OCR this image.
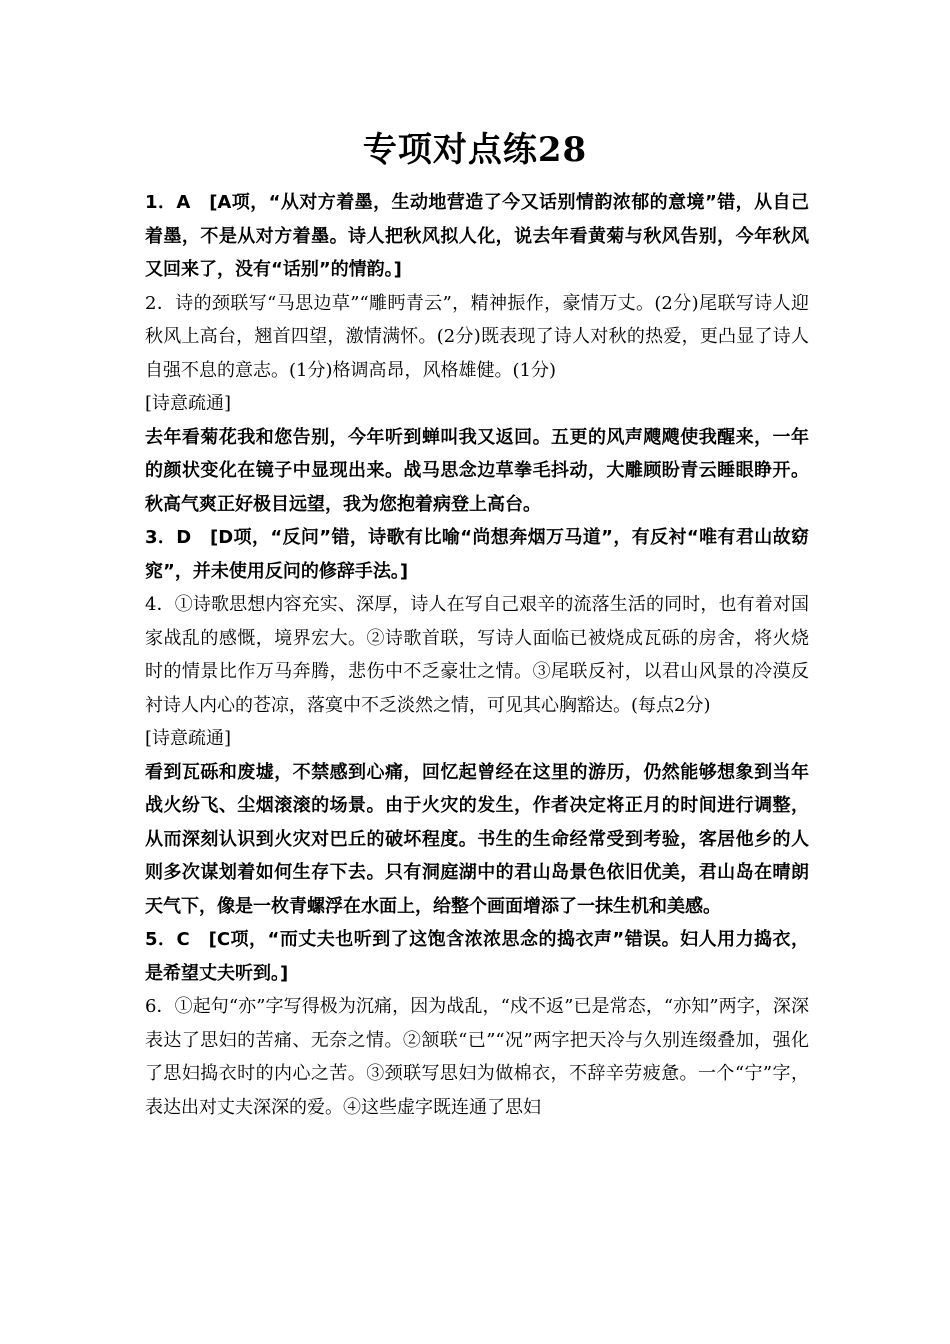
专项对点练28

1．A　[A项，“从对方着墨，生动地营造了今又话别情韵浓郁的意境”错，从自己着墨，不是从对方着墨。诗人把秋风拟人化，说去年看黄菊与秋风告别，今年秋风又回来了，没有“话别”的情韵。]

2．诗的颈联写“马思边草”“雕眄青云”，精神振作，豪情万丈。(2分)尾联写诗人迎秋风上高台，翘首四望，激情满怀。(2分)既表现了诗人对秋的热爱，更凸显了诗人自强不息的意志。(1分)格调高昂，风格雄健。(1分)

[诗意疏通]

去年看菊花我和您告别，今年听到蝉叫我又返回。五更的风声飕飕使我醒来，一年的颜状变化在镜子中显现出来。战马思念边草拳毛抖动，大雕顾盼青云睡眼睁开。秋高气爽正好极目远望，我为您抱着病登上高台。

3．D　[D项，“反问”错，诗歌有比喻“尚想奔烟万马道”，有反衬“唯有君山故窈窕”，并未使用反问的修辞手法。]

4．①诗歌思想内容充实、深厚，诗人在写自己艰辛的流落生活的同时，也有着对国家战乱的感慨，境界宏大。②诗歌首联，写诗人面临已被烧成瓦砾的房舍，将火烧时的情景比作万马奔腾，悲伤中不乏豪壮之情。③尾联反衬，以君山风景的冷漠反衬诗人内心的苍凉，落寞中不乏淡然之情，可见其心胸豁达。(每点2分)

[诗意疏通]

看到瓦砾和废墟，不禁感到心痛，回忆起曾经在这里的游历，仍然能够想象到当年战火纷飞、尘烟滚滚的场景。由于火灾的发生，作者决定将正月的时间进行调整，从而深刻认识到火灾对巴丘的破坏程度。书生的生命经常受到考验，客居他乡的人则多次谋划着如何生存下去。只有洞庭湖中的君山岛景色依旧优美，君山岛在晴朗天气下，像是一枚青螺浮在水面上，给整个画面增添了一抹生机和美感。

5．C　[C项，“而丈夫也听到了这饱含浓浓思念的捣衣声”错误。妇人用力捣衣，是希望丈夫听到。]

6．①起句“亦”字写得极为沉痛，因为战乱，“戍不返”已是常态，“亦知”两字，深深表达了思妇的苦痛、无奈之情。②颔联“已”“况”两字把天冷与久别连缀叠加，强化了思妇捣衣时的内心之苦。③颈联写思妇为做棉衣，不辞辛劳疲惫。一个“宁”字，表达出对丈夫深深的爱。④这些虚字既连通了思妇
